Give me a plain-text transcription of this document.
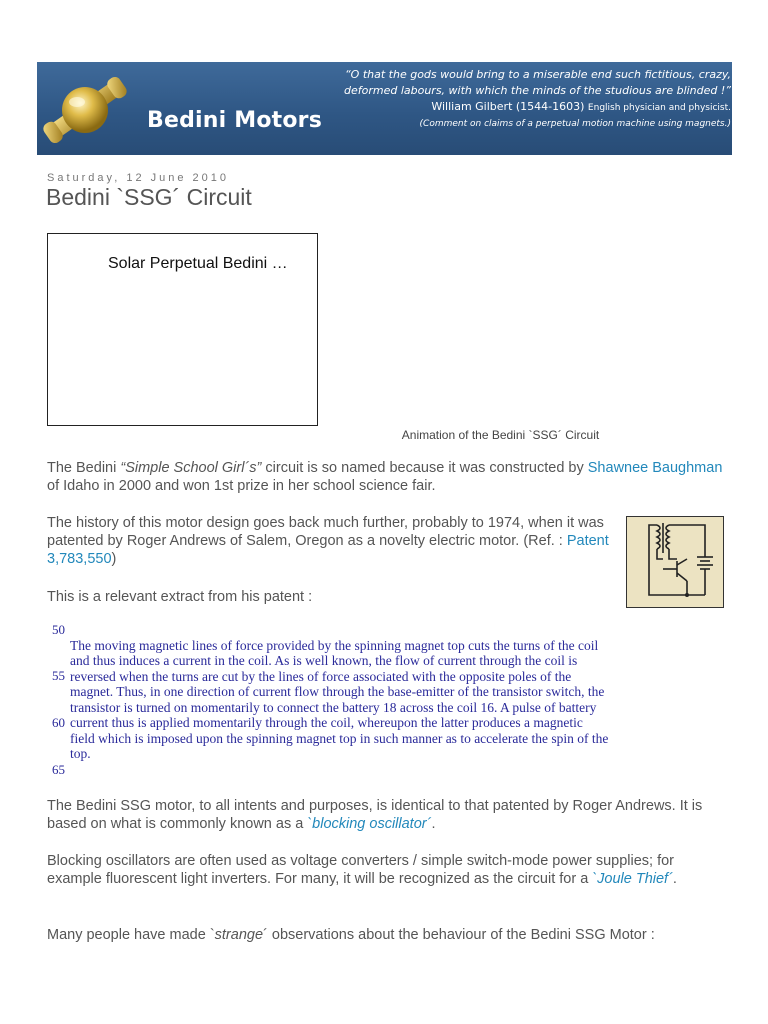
Bedini Motors
“O that the gods would bring to a miserable end such fictitious, crazy,
deformed labours, with which the minds of the studious are blinded !”
William Gilbert (1544-1603) English physician and physicist.
(Comment on claims of a perpetual motion machine using magnets.)
Saturday, 12 June 2010
Bedini `SSG´ Circuit
Solar Perpetual Bedini …
Animation of the Bedini `SSG´ Circuit

The Bedini “Simple School Girl´s” circuit is so named because it was constructed by Shawnee Baughman of Idaho in 2000 and won 1st prize in her school science fair.

The history of this motor design goes back much further, probably to 1974, when it was patented by Roger Andrews of Salem, Oregon as a novelty electric motor. (Ref. : Patent 3,783,550)

This is a relevant extract from his patent :

50
55
60
65
The moving magnetic lines of force provided by the spinning magnet top cuts the turns of the coil
and thus induces a current in the coil. As is well known, the flow of current through the coil is
reversed when the turns are cut by the lines of force associated with the opposite poles of the
magnet. Thus, in one direction of current flow through the base-emitter of the transistor switch, the
transistor is turned on momentarily to connect the battery 18 across the coil 16. A pulse of battery
current thus is applied momentarily through the coil, whereupon the latter produces a magnetic
field which is imposed upon the spinning magnet top in such manner as to accelerate the spin of the
top.

The Bedini SSG motor, to all intents and purposes, is identical to that patented by Roger Andrews. It is based on what is commonly known as a `blocking oscillator´.

Blocking oscillators are often used as voltage converters / simple switch-mode power supplies; for example fluorescent light inverters. For many, it will be recognized as the circuit for a `Joule Thief´.

Many people have made `strange´ observations about the behaviour of the Bedini SSG Motor :
